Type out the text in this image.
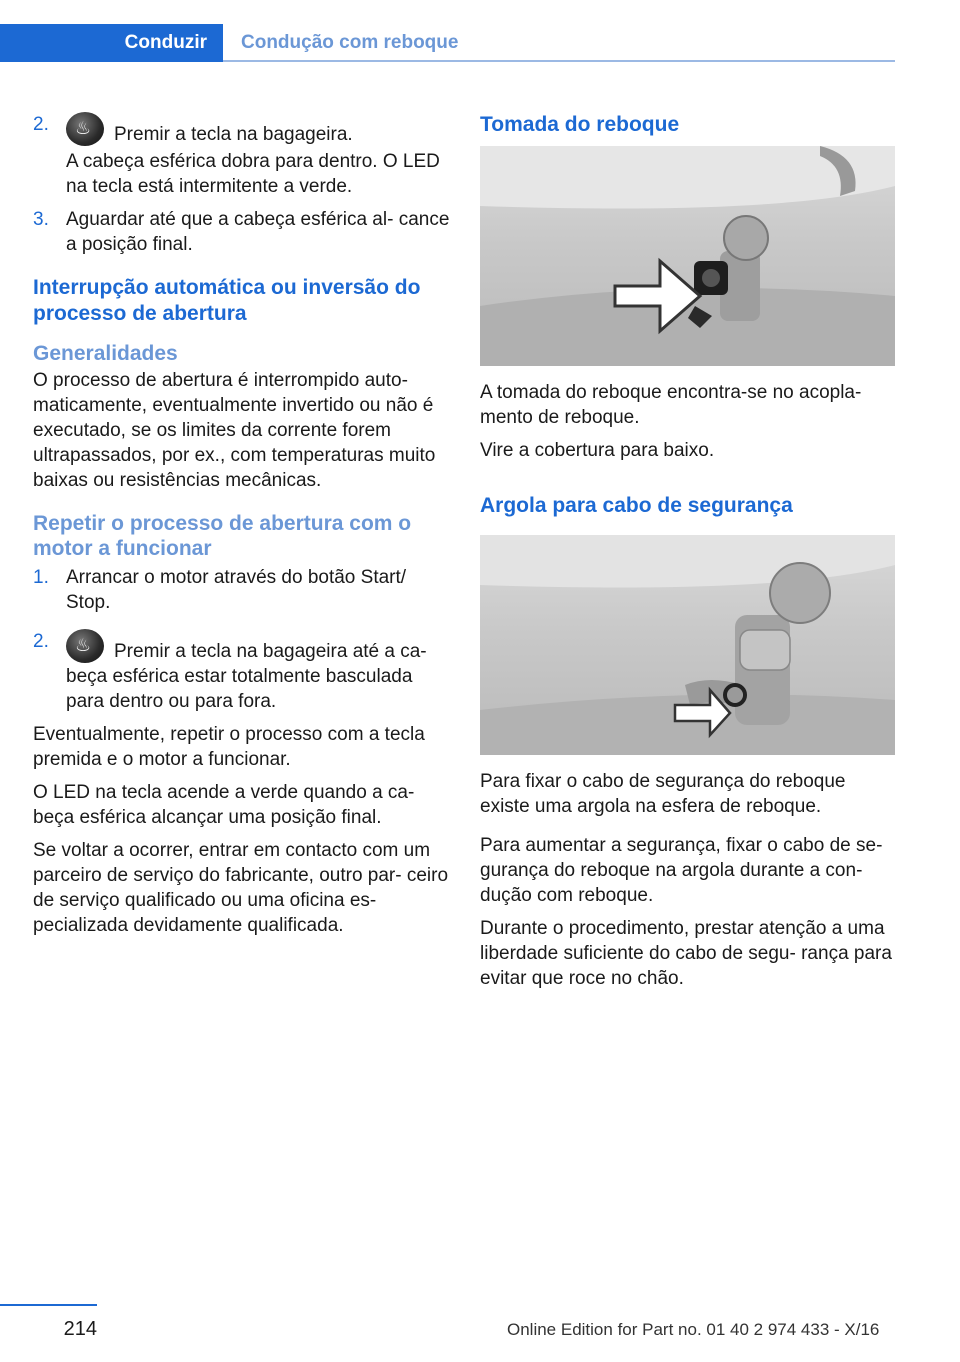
Conduzir	Condução com reboque
2. ♨	Premir a tecla na bagageira.
A cabeça esférica dobra para dentro. O LED na tecla está intermitente a verde.
3. Aguardar até que a cabeça esférica al‐ cance a posição final.
Interrupção automática ou inversão do processo de abertura
Generalidades

O processo de abertura é interrompido auto‐ maticamente, eventualmente invertido ou não é executado, se os limites da corrente forem ultrapassados, por ex., com temperaturas muito baixas ou resistências mecânicas.

Repetir o processo de abertura com o motor a funcionar
1. Arrancar o motor através do botão Start/ Stop.
2. ♨	Premir a tecla na bagageira até a ca‐ beça esférica estar totalmente basculada para dentro ou para fora.

Eventualmente, repetir o processo com a tecla premida e o motor a funcionar.

O LED na tecla acende a verde quando a ca‐ beça esférica alcançar uma posição final.

Se voltar a ocorrer, entrar em contacto com um parceiro de serviço do fabricante, outro par‐ ceiro de serviço qualificado ou uma oficina es‐ pecializada devidamente qualificada.

Tomada do reboque

A tomada do reboque encontra-se no acopla‐ mento de reboque.

Vire a cobertura para baixo.

Argola para cabo de segurança

Para fixar o cabo de segurança do reboque existe uma argola na esfera de reboque.

Para aumentar a segurança, fixar o cabo de se‐ gurança do reboque na argola durante a con‐ dução com reboque.

Durante o procedimento, prestar atenção a uma liberdade suficiente do cabo de segu‐ rança para evitar que roce no chão.

214	Online Edition for Part no. 01 40 2 974 433 - X/16
